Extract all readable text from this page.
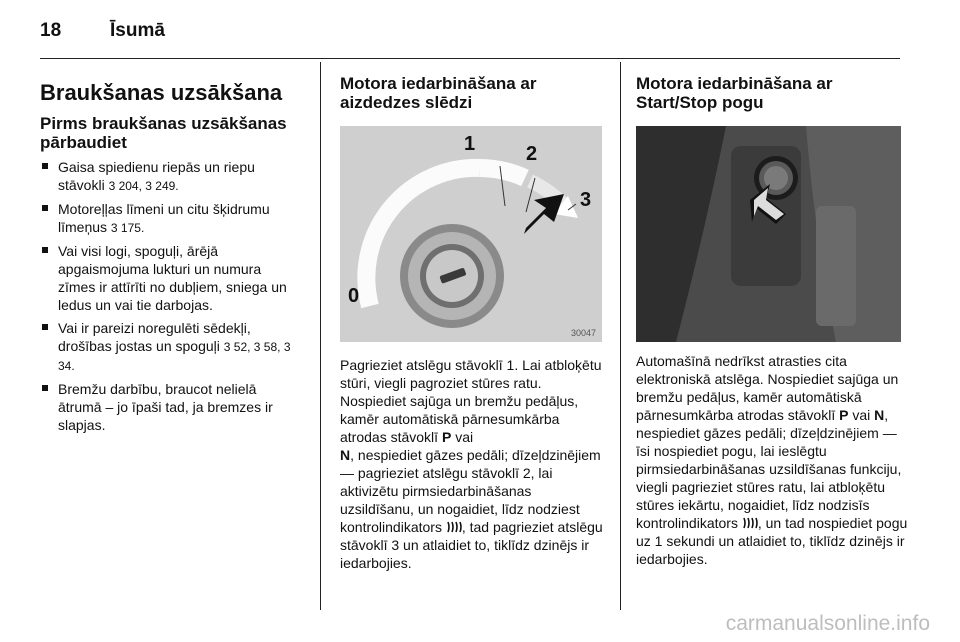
18	Īsumā
Braukšanas uzsākšana
Pirms braukšanas uzsākšanas pārbaudiet
Gaisa spiedienu riepās un riepu stāvokli 3 204, 3 249.
Motoreļļas līmeni un citu šķidrumu līmeņus 3 175.
Vai visi logi, spoguļi, ārējā apgaismojuma lukturi un numura zīmes ir attīrīti no dubļiem, sniega un ledus un vai tie darbojas.
Vai ir pareizi noregulēti sēdekļi, drošības jostas un spoguļi 3 52, 3 58, 3 34.
Bremžu darbību, braucot nelielā ātrumā – jo īpaši tad, ja bremzes ir slapjas.
Motora iedarbināšana ar aizdedzes slēdzi
0
1	2
3
30047
Pagrieziet atslēgu stāvoklī 1. Lai atbloķētu stūri, viegli pagroziet stūres ratu. Nospiediet sajūga un bremžu pedāļus, kamēr automātiskā pārnesumkārba atrodas stāvoklī P vai
N, nespiediet gāzes pedāli; dīzeļdzinējiem — pagrieziet atslēgu stāvoklī 2, lai aktivizētu pirmsiedarbināšanas uzsildīšanu, un nogaidiet, līdz nodziest kontrolindikators , tad pagrieziet atslēgu stāvoklī 3 un atlaidiet to, tiklīdz dzinējs ir iedarbojies.
Motora iedarbināšana ar Start/Stop pogu
Automašīnā nedrīkst atrasties cita elektroniskā atslēga. Nospiediet sajūga un bremžu pedāļus, kamēr automātiskā pārnesumkārba atrodas stāvoklī P vai N, nespiediet gāzes pedāli; dīzeļdzinējiem — īsi nospiediet pogu, lai ieslēgtu pirmsiedarbināšanas uzsildīšanas funkciju, viegli pagrieziet stūres ratu, lai atbloķētu stūres iekārtu, nogaidiet, līdz nodzisīs kontrolindikators , un tad nospiediet pogu uz 1 sekundi un atlaidiet to, tiklīdz dzinējs ir iedarbojies.
carmanualsonline.info
